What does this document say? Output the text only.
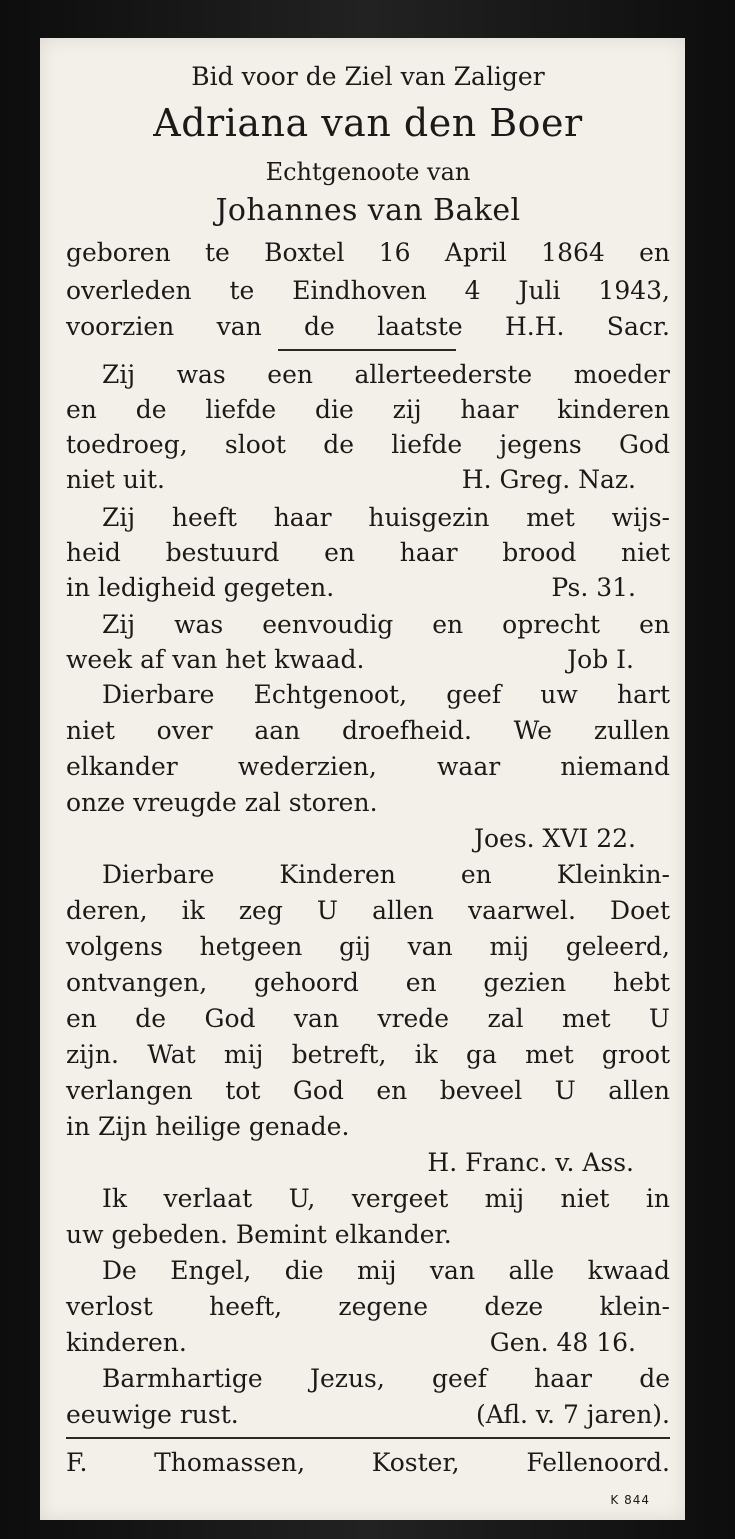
Bid voor de Ziel van Zaliger
Adriana van den Boer
Echtgenoote van
Johannes van Bakel
geboren te Boxtel 16 April 1864 en
overleden te Eindhoven 4 Juli 1943,
voorzien van de laatste H.H. Sacr.
Zij was een allerteederste moeder
en de liefde die zij haar kinderen
toedroeg, sloot de liefde jegens God
niet uit.	H. Greg. Naz.
Zij heeft haar huisgezin met wijs-
heid bestuurd en haar brood niet
in ledigheid gegeten.	Ps. 31.
Zij was eenvoudig en oprecht en
week af van het kwaad.	Job I.
Dierbare Echtgenoot, geef uw hart
niet over aan droefheid. We zullen
elkander wederzien, waar niemand
onze vreugde zal storen.
Joes. XVI 22.
Dierbare Kinderen en Kleinkin-
deren, ik zeg U allen vaarwel. Doet
volgens hetgeen gij van mij geleerd,
ontvangen, gehoord en gezien hebt
en de God van vrede zal met U
zijn. Wat mij betreft, ik ga met groot
verlangen tot God en beveel U allen
in Zijn heilige genade.
H. Franc. v. Ass.
Ik verlaat U, vergeet mij niet in
uw gebeden. Bemint elkander.
De Engel, die mij van alle kwaad
verlost heeft, zegene deze klein-
kinderen.	Gen. 48 16.
Barmhartige Jezus, geef haar de
eeuwige rust.	(Afl. v. 7 jaren).
F. Thomassen, Koster, Fellenoord.
K 844
